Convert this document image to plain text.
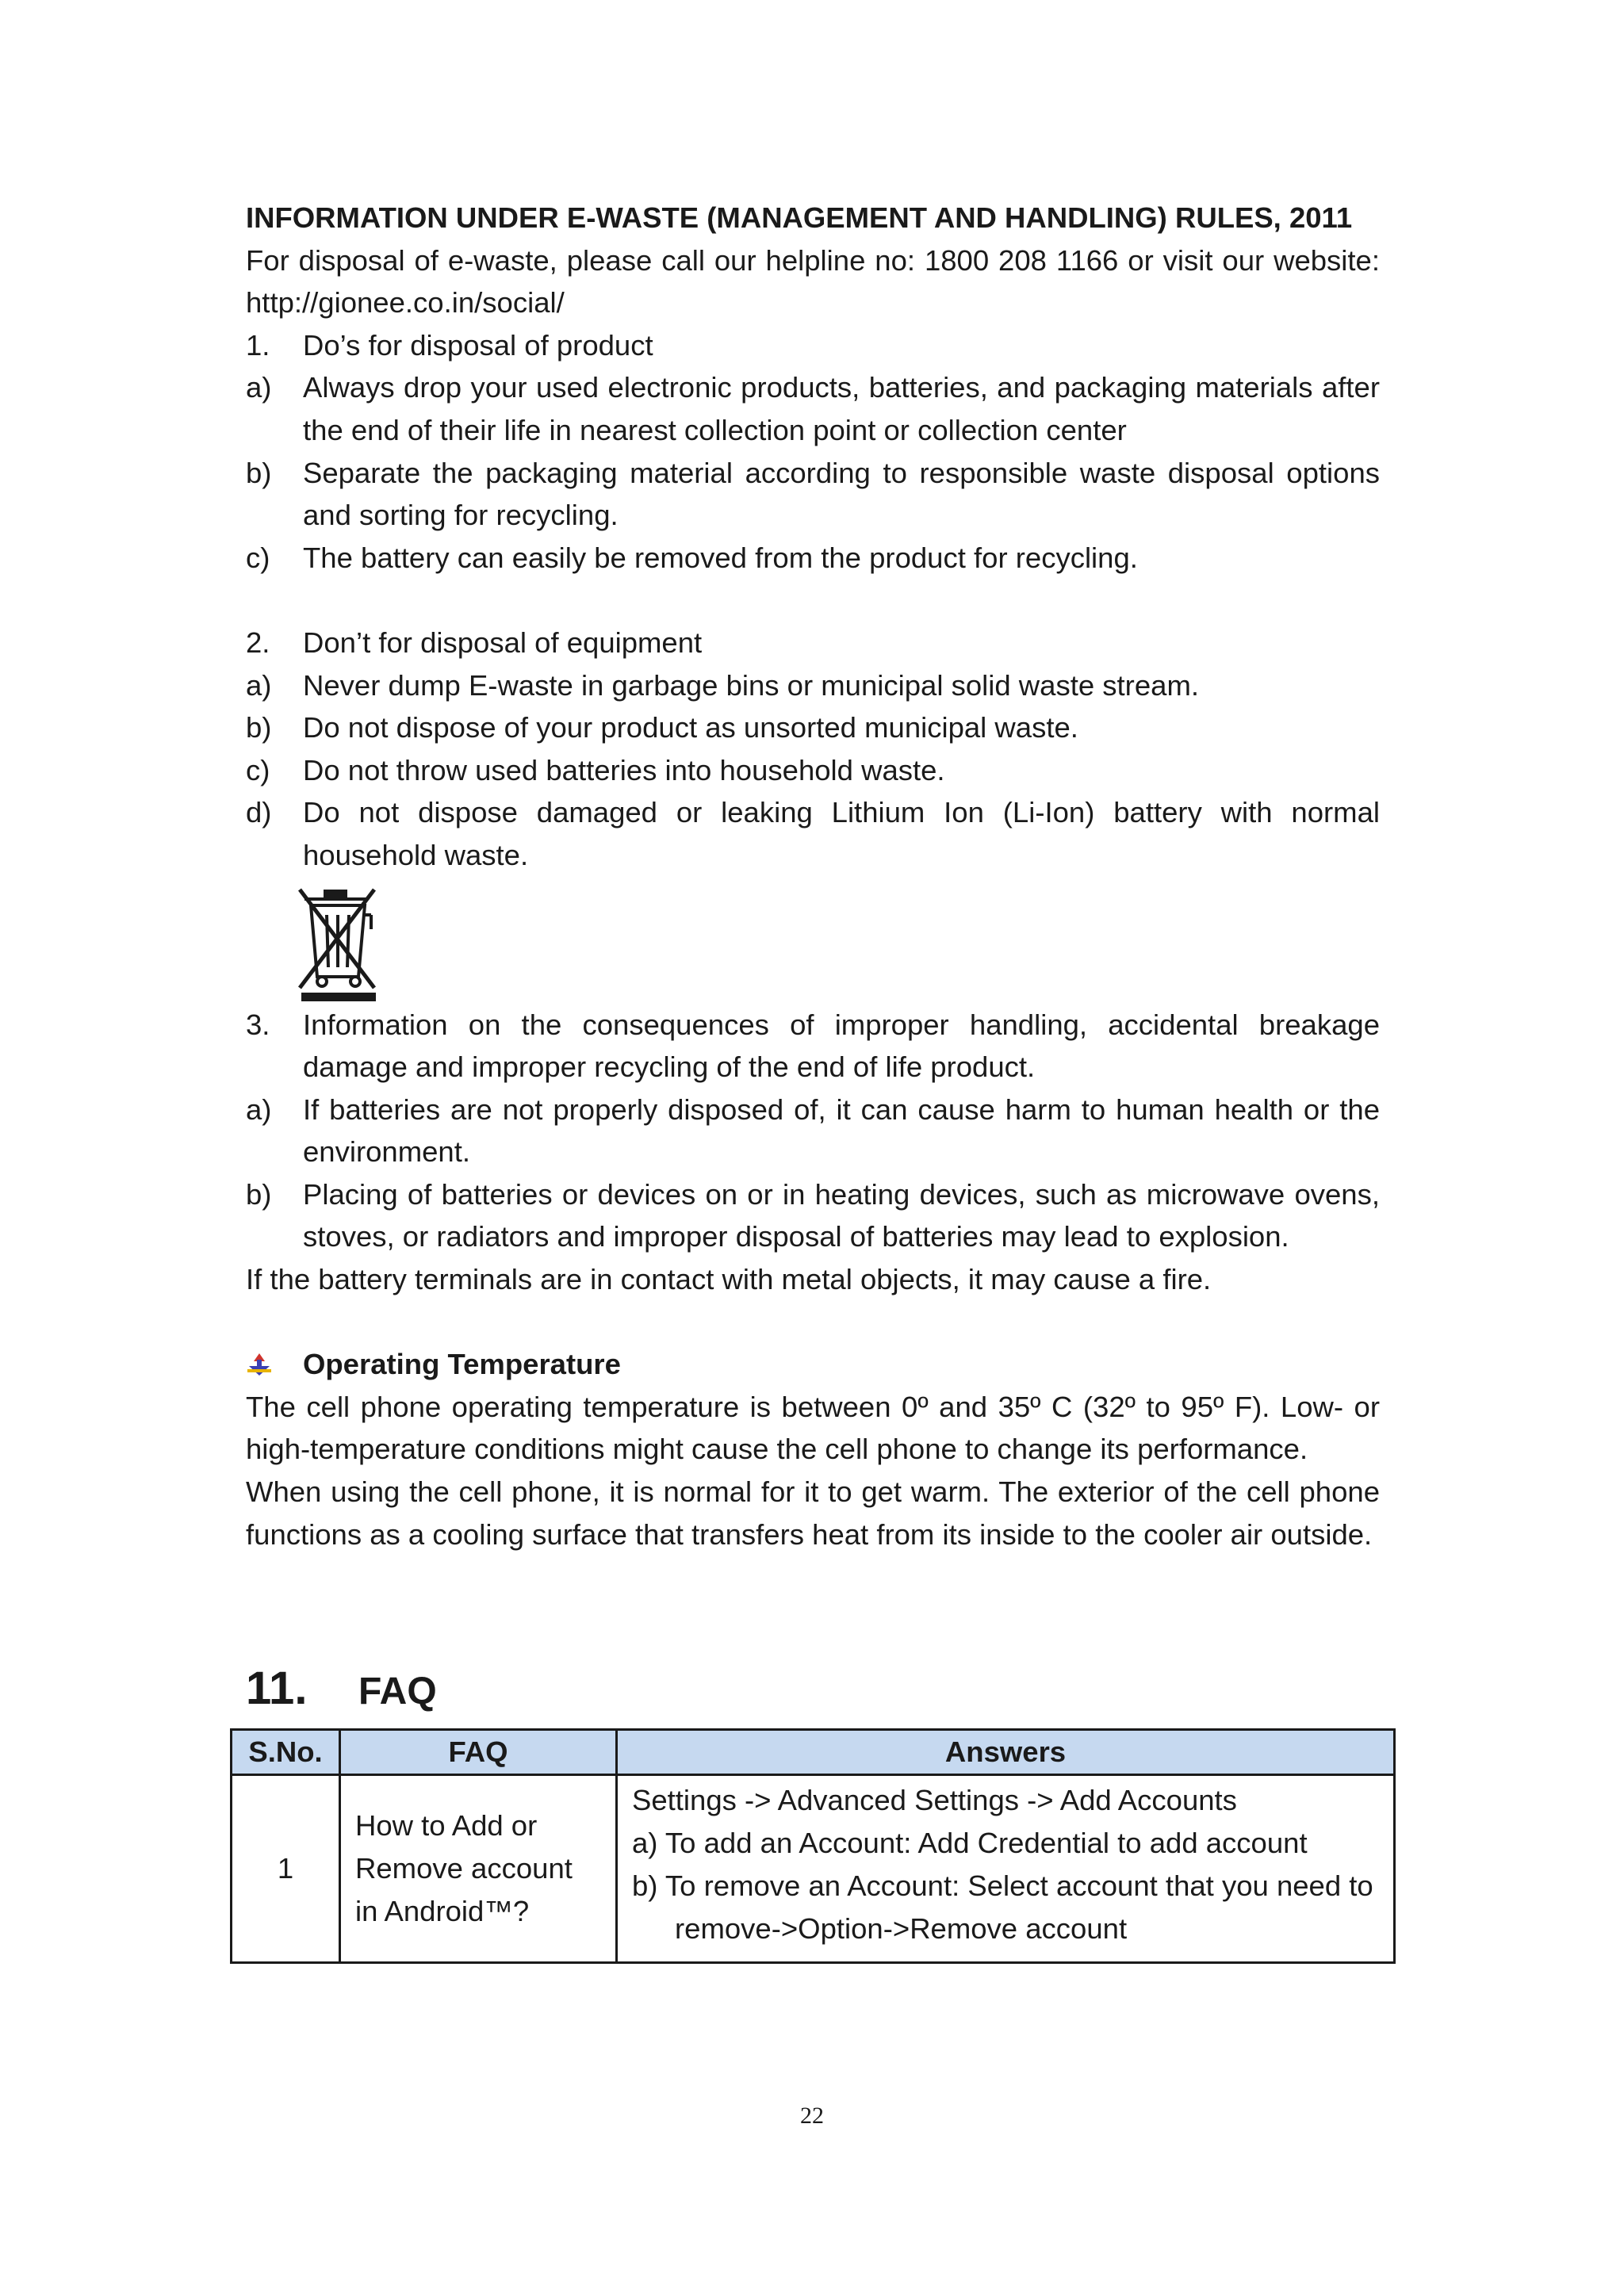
INFORMATION UNDER E-WASTE (MANAGEMENT AND HANDLING) RULES, 2011
For disposal of e-waste, please call our helpline no: 1800 208 1166 or visit our website: http://gionee.co.in/social/
1. Do’s for disposal of product
a) Always drop your used electronic products, batteries, and packaging materials after the end of their life in nearest collection point or collection center
b) Separate the packaging material according to responsible waste disposal options and sorting for recycling.
c) The battery can easily be removed from the product for recycling.
2. Don’t for disposal of equipment
a) Never dump E-waste in garbage bins or municipal solid waste stream.
b) Do not dispose of your product as unsorted municipal waste.
c) Do not throw used batteries into household waste.
d) Do not dispose damaged or leaking Lithium Ion (Li-Ion) battery with normal household waste.
3. Information on the consequences of improper handling, accidental breakage damage and improper recycling of the end of life product.
a) If batteries are not properly disposed of, it can cause harm to human health or the environment.
b) Placing of batteries or devices on or in heating devices, such as microwave ovens, stoves, or radiators and improper disposal of batteries may lead to explosion.
If the battery terminals are in contact with metal objects, it may cause a fire.
Operating Temperature
The cell phone operating temperature is between 0º and 35º C (32º to 95º F). Low- or high-temperature conditions might cause the cell phone to change its performance.
When using the cell phone, it is normal for it to get warm. The exterior of the cell phone functions as a cooling surface that transfers heat from its inside to the cooler air outside.
11. FAQ
S.No.	FAQ	Answers
1	How to Add or Remove account in Android™?	Settings -> Advanced Settings -> Add Accounts
a) To add an Account: Add Credential to add account
b) To remove an Account: Select account that you need to
remove->Option->Remove account
22
